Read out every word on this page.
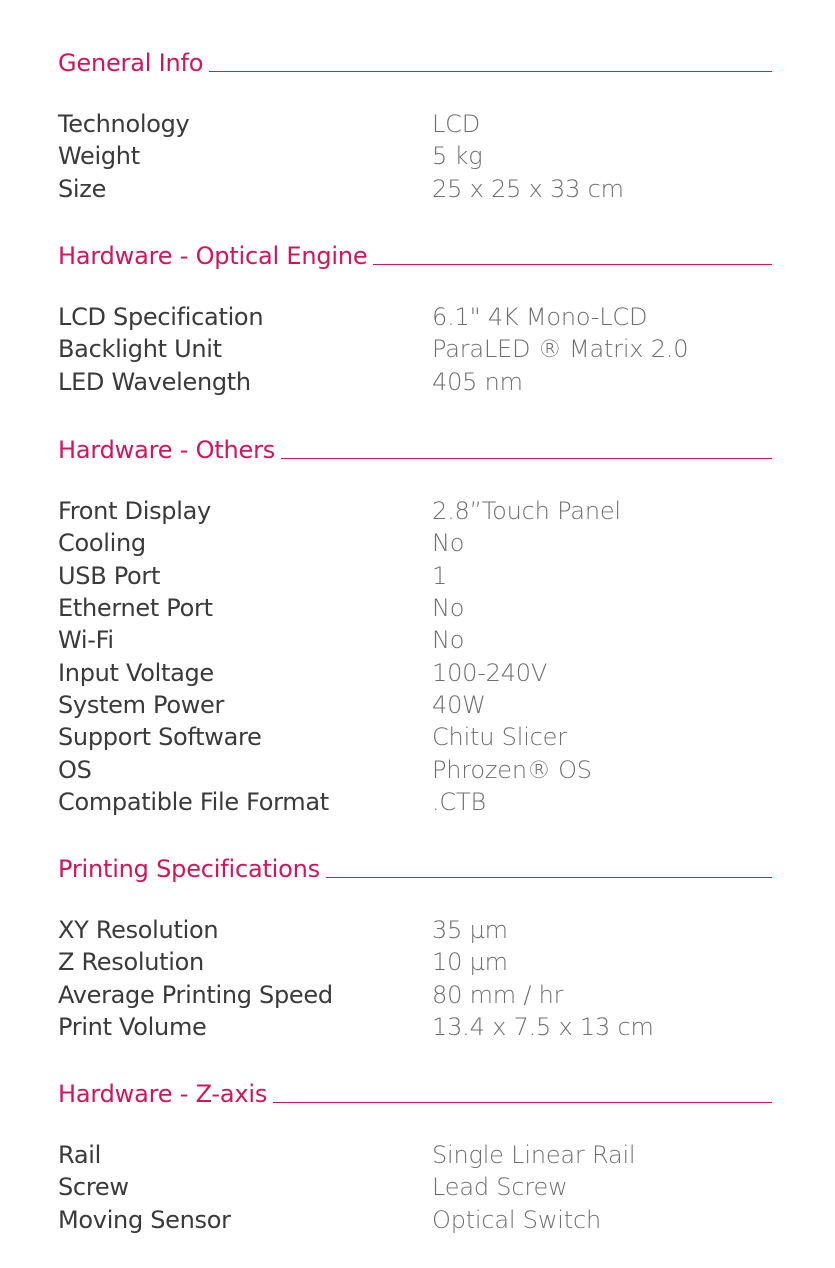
General Info
Technology	LCD
Weight	5 kg
Size	25 x 25 x 33 cm
Hardware - Optical Engine
LCD Specification	6.1" 4K Mono-LCD
Backlight Unit	ParaLED ® Matrix 2.0
LED Wavelength	405 nm
Hardware - Others
Front Display	2.8”Touch Panel
Cooling	No
USB Port	1
Ethernet Port	No
Wi-Fi	No
Input Voltage	100-240V
System Power	40W
Support Software	Chitu Slicer
OS	Phrozen® OS
Compatible File Format	.CTB
Printing Specifications
XY Resolution	35 µm
Z Resolution	10 µm
Average Printing Speed	80 mm / hr
Print Volume	13.4 x 7.5 x 13 cm
Hardware - Z-axis
Rail	Single Linear Rail
Screw	Lead Screw
Moving Sensor	Optical Switch
